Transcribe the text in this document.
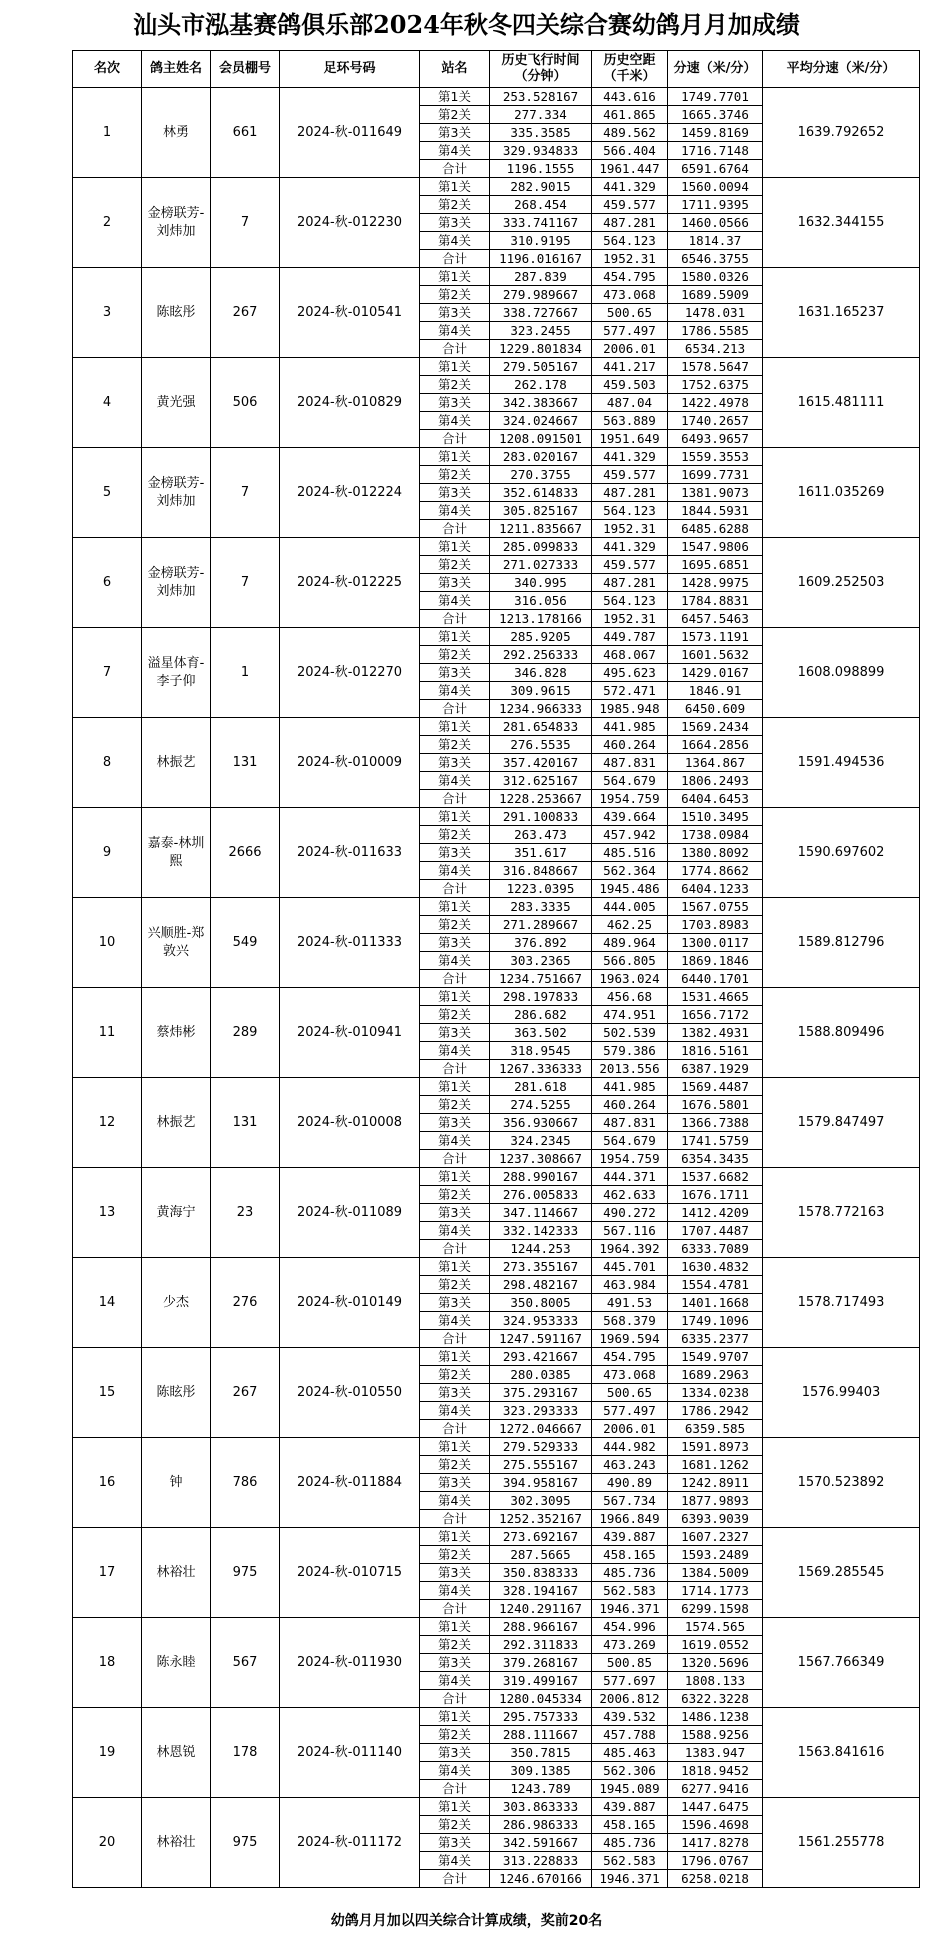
汕头市泓基赛鸽俱乐部2024年秋冬四关综合赛幼鸽月月加成绩
名次	鸽主姓名	会员棚号	足环号码	站名	历史飞行时间（分钟）	历史空距（千米）	分速（米/分）	平均分速（米/分）
1	林勇	661	2024-秋-011649	第1关	253.528167	443.616	1749.7701	1639.792652
				第2关	277.334	461.865	1665.3746	
				第3关	335.3585	489.562	1459.8169	
				第4关	329.934833	566.404	1716.7148	
				合计	1196.1555	1961.447	6591.6764	
2	金榜联芳-刘炜加	7	2024-秋-012230	第1关	282.9015	441.329	1560.0094	1632.344155
				第2关	268.454	459.577	1711.9395	
				第3关	333.741167	487.281	1460.0566	
				第4关	310.9195	564.123	1814.37	
				合计	1196.016167	1952.31	6546.3755	
3	陈眩彤	267	2024-秋-010541	第1关	287.839	454.795	1580.0326	1631.165237
				第2关	279.989667	473.068	1689.5909	
				第3关	338.727667	500.65	1478.031	
				第4关	323.2455	577.497	1786.5585	
				合计	1229.801834	2006.01	6534.213	
4	黄光强	506	2024-秋-010829	第1关	279.505167	441.217	1578.5647	1615.481111
				第2关	262.178	459.503	1752.6375	
				第3关	342.383667	487.04	1422.4978	
				第4关	324.024667	563.889	1740.2657	
				合计	1208.091501	1951.649	6493.9657	
5	金榜联芳-刘炜加	7	2024-秋-012224	第1关	283.020167	441.329	1559.3553	1611.035269
				第2关	270.3755	459.577	1699.7731	
				第3关	352.614833	487.281	1381.9073	
				第4关	305.825167	564.123	1844.5931	
				合计	1211.835667	1952.31	6485.6288	
6	金榜联芳-刘炜加	7	2024-秋-012225	第1关	285.099833	441.329	1547.9806	1609.252503
				第2关	271.027333	459.577	1695.6851	
				第3关	340.995	487.281	1428.9975	
				第4关	316.056	564.123	1784.8831	
				合计	1213.178166	1952.31	6457.5463	
7	溢星体育-李子仰	1	2024-秋-012270	第1关	285.9205	449.787	1573.1191	1608.098899
				第2关	292.256333	468.067	1601.5632	
				第3关	346.828	495.623	1429.0167	
				第4关	309.9615	572.471	1846.91	
				合计	1234.966333	1985.948	6450.609	
8	林振艺	131	2024-秋-010009	第1关	281.654833	441.985	1569.2434	1591.494536
				第2关	276.5535	460.264	1664.2856	
				第3关	357.420167	487.831	1364.867	
				第4关	312.625167	564.679	1806.2493	
				合计	1228.253667	1954.759	6404.6453	
9	嘉泰-林圳熙	2666	2024-秋-011633	第1关	291.100833	439.664	1510.3495	1590.697602
				第2关	263.473	457.942	1738.0984	
				第3关	351.617	485.516	1380.8092	
				第4关	316.848667	562.364	1774.8662	
				合计	1223.0395	1945.486	6404.1233	
10	兴顺胜-郑敦兴	549	2024-秋-011333	第1关	283.3335	444.005	1567.0755	1589.812796
				第2关	271.289667	462.25	1703.8983	
				第3关	376.892	489.964	1300.0117	
				第4关	303.2365	566.805	1869.1846	
				合计	1234.751667	1963.024	6440.1701	
11	蔡炜彬	289	2024-秋-010941	第1关	298.197833	456.68	1531.4665	1588.809496
				第2关	286.682	474.951	1656.7172	
				第3关	363.502	502.539	1382.4931	
				第4关	318.9545	579.386	1816.5161	
				合计	1267.336333	2013.556	6387.1929	
12	林振艺	131	2024-秋-010008	第1关	281.618	441.985	1569.4487	1579.847497
				第2关	274.5255	460.264	1676.5801	
				第3关	356.930667	487.831	1366.7388	
				第4关	324.2345	564.679	1741.5759	
				合计	1237.308667	1954.759	6354.3435	
13	黄海宁	23	2024-秋-011089	第1关	288.990167	444.371	1537.6682	1578.772163
				第2关	276.005833	462.633	1676.1711	
				第3关	347.114667	490.272	1412.4209	
				第4关	332.142333	567.116	1707.4487	
				合计	1244.253	1964.392	6333.7089	
14	少杰	276	2024-秋-010149	第1关	273.355167	445.701	1630.4832	1578.717493
				第2关	298.482167	463.984	1554.4781	
				第3关	350.8005	491.53	1401.1668	
				第4关	324.953333	568.379	1749.1096	
				合计	1247.591167	1969.594	6335.2377	
15	陈眩彤	267	2024-秋-010550	第1关	293.421667	454.795	1549.9707	1576.99403
				第2关	280.0385	473.068	1689.2963	
				第3关	375.293167	500.65	1334.0238	
				第4关	323.293333	577.497	1786.2942	
				合计	1272.046667	2006.01	6359.585	
16	钟	786	2024-秋-011884	第1关	279.529333	444.982	1591.8973	1570.523892
				第2关	275.555167	463.243	1681.1262	
				第3关	394.958167	490.89	1242.8911	
				第4关	302.3095	567.734	1877.9893	
				合计	1252.352167	1966.849	6393.9039	
17	林裕壮	975	2024-秋-010715	第1关	273.692167	439.887	1607.2327	1569.285545
				第2关	287.5665	458.165	1593.2489	
				第3关	350.838333	485.736	1384.5009	
				第4关	328.194167	562.583	1714.1773	
				合计	1240.291167	1946.371	6299.1598	
18	陈永睦	567	2024-秋-011930	第1关	288.966167	454.996	1574.565	1567.766349
				第2关	292.311833	473.269	1619.0552	
				第3关	379.268167	500.85	1320.5696	
				第4关	319.499167	577.697	1808.133	
				合计	1280.045334	2006.812	6322.3228	
19	林恩锐	178	2024-秋-011140	第1关	295.757333	439.532	1486.1238	1563.841616
				第2关	288.111667	457.788	1588.9256	
				第3关	350.7815	485.463	1383.947	
				第4关	309.1385	562.306	1818.9452	
				合计	1243.789	1945.089	6277.9416	
20	林裕壮	975	2024-秋-011172	第1关	303.863333	439.887	1447.6475	1561.255778
				第2关	286.986333	458.165	1596.4698	
				第3关	342.591667	485.736	1417.8278	
				第4关	313.228833	562.583	1796.0767	
				合计	1246.670166	1946.371	6258.0218	
幼鸽月月加以四关综合计算成绩，奖前20名
